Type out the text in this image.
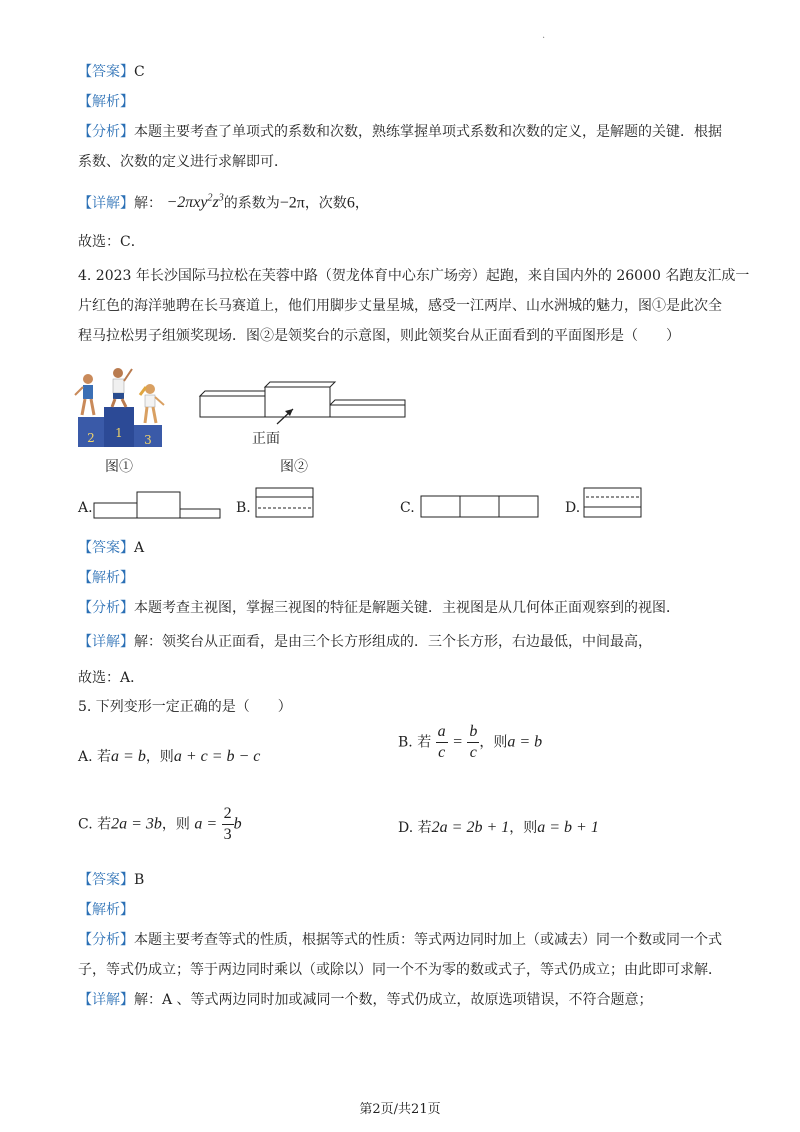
.
【答案】C
【解析】
【分析】本题主要考查了单项式的系数和次数，熟练掌握单项式系数和次数的定义，是解题的关键．根据
系数、次数的定义进行求解即可．
【详解】解： $-2\pi xy^2z^3$的系数为−2π，次数6，
故选：C．
4. 2023 年长沙国际马拉松在芙蓉中路（贺龙体育中心东广场旁）起跑，来自国内外的 26000 名跑友汇成一
片红色的海洋驰聘在长马赛道上，他们用脚步丈量星城，感受一江两岸、山水洲城的魅力，图①是此次全
程马拉松男子组颁奖现场．图②是领奖台的示意图，则此领奖台从正面看到的平面图形是（　　）
2 1 3	正面
图①	图②
A.	B.	C.	D.
【答案】A
【解析】
【分析】本题考查主视图，掌握三视图的特征是解题关键．主视图是从几何体正面观察到的视图．
【详解】解：领奖台从正面看，是由三个长方形组成的．三个长方形，右边最低，中间最高，
故选：A．
5. 下列变形一定正确的是（　　）
A. 若a = b，则a + c = b − c
B. 若 $\frac{a}{c} = \frac{b}{c}$ ，则a = b
C. 若2a = 3b，则 $a = \frac{2}{3}$ b	D. 若2a = 2b + 1，则a = b + 1
【答案】B
【解析】
【分析】本题主要考查等式的性质，根据等式的性质：等式两边同时加上（或减去）同一个数或同一个式
子，等式仍成立；等于两边同时乘以（或除以）同一个不为零的数或式子，等式仍成立；由此即可求解．
【详解】解：A 、等式两边同时加或减同一个数，等式仍成立，故原选项错误，不符合题意；
第2页/共21页
